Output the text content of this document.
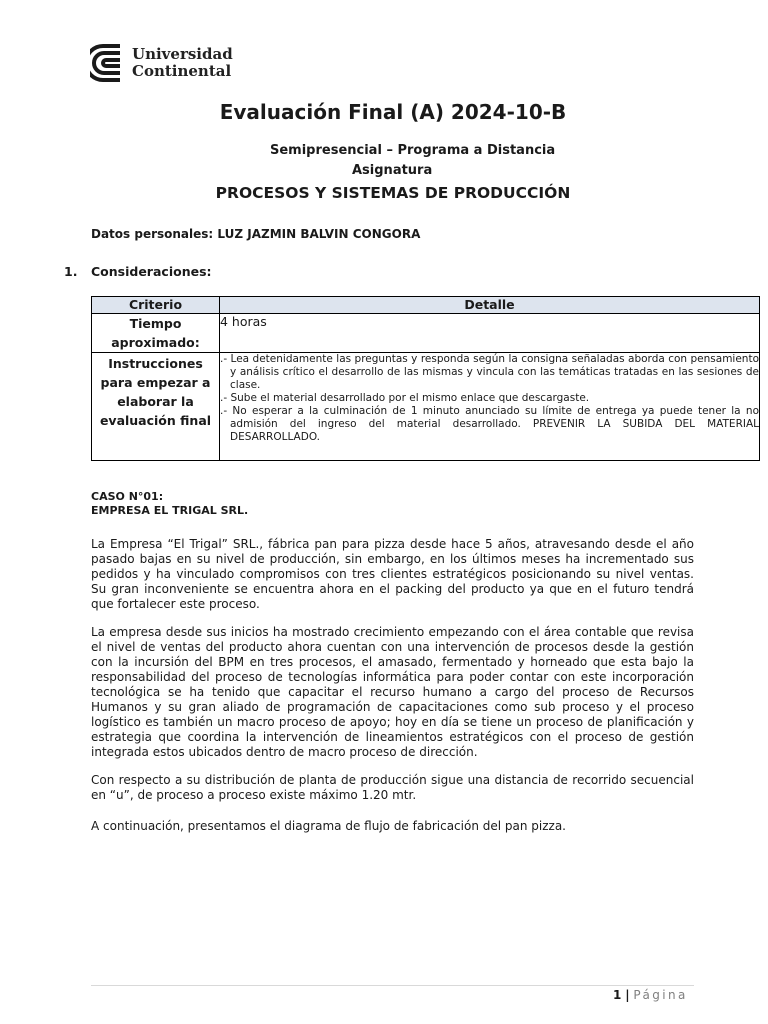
Universidad
Continental
Evaluación Final (A) 2024-10-B
Semipresencial – Programa a Distancia
Asignatura
PROCESOS Y SISTEMAS DE PRODUCCIÓN
Datos personales: LUZ JAZMIN BALVIN CONGORA
1. Consideraciones:
Criterio	Detalle
Tiempo aproximado:	4 horas
Instrucciones para empezar a elaborar la evaluación final	.- Lea detenidamente las preguntas y responda según la consigna señaladas aborda con pensamiento y análisis crítico el desarrollo de las mismas y vincula con las temáticas tratadas en las sesiones de clase.

.- Sube el material desarrollado por el mismo enlace que descargaste.

.- No esperar a la culminación de 1 minuto anunciado su límite de entrega ya puede tener la no admisión del ingreso del material desarrollado. PREVENIR LA SUBIDA DEL MATERIAL DESARROLLADO.

CASO N°01:
EMPRESA EL TRIGAL SRL.

La Empresa “El Trigal” SRL., fábrica pan para pizza desde hace 5 años, atravesando desde el año pasado bajas en su nivel de producción, sin embargo, en los últimos meses ha incrementado sus pedidos y ha vinculado compromisos con tres clientes estratégicos posicionando su nivel ventas. Su gran inconveniente se encuentra ahora en el packing del producto ya que en el futuro tendrá que fortalecer este proceso.

La empresa desde sus inicios ha mostrado crecimiento empezando con el área contable que revisa el nivel de ventas del producto ahora cuentan con una intervención de procesos desde la gestión con la incursión del BPM en tres procesos, el amasado, fermentado y horneado que esta bajo la responsabilidad del proceso de tecnologías informática para poder contar con este incorporación tecnológica se ha tenido que capacitar el recurso humano a cargo del proceso de Recursos Humanos y su gran aliado de programación de capacitaciones como sub proceso y el proceso logístico es también un macro proceso de apoyo; hoy en día se tiene un proceso de planificación y estrategia que coordina la intervención de lineamientos estratégicos con el proceso de gestión integrada estos ubicados dentro de macro proceso de dirección.

Con respecto a su distribución de planta de producción sigue una distancia de recorrido secuencial en “u”, de proceso a proceso existe máximo 1.20 mtr.

A continuación, presentamos el diagrama de flujo de fabricación del pan pizza.

1 | Página
